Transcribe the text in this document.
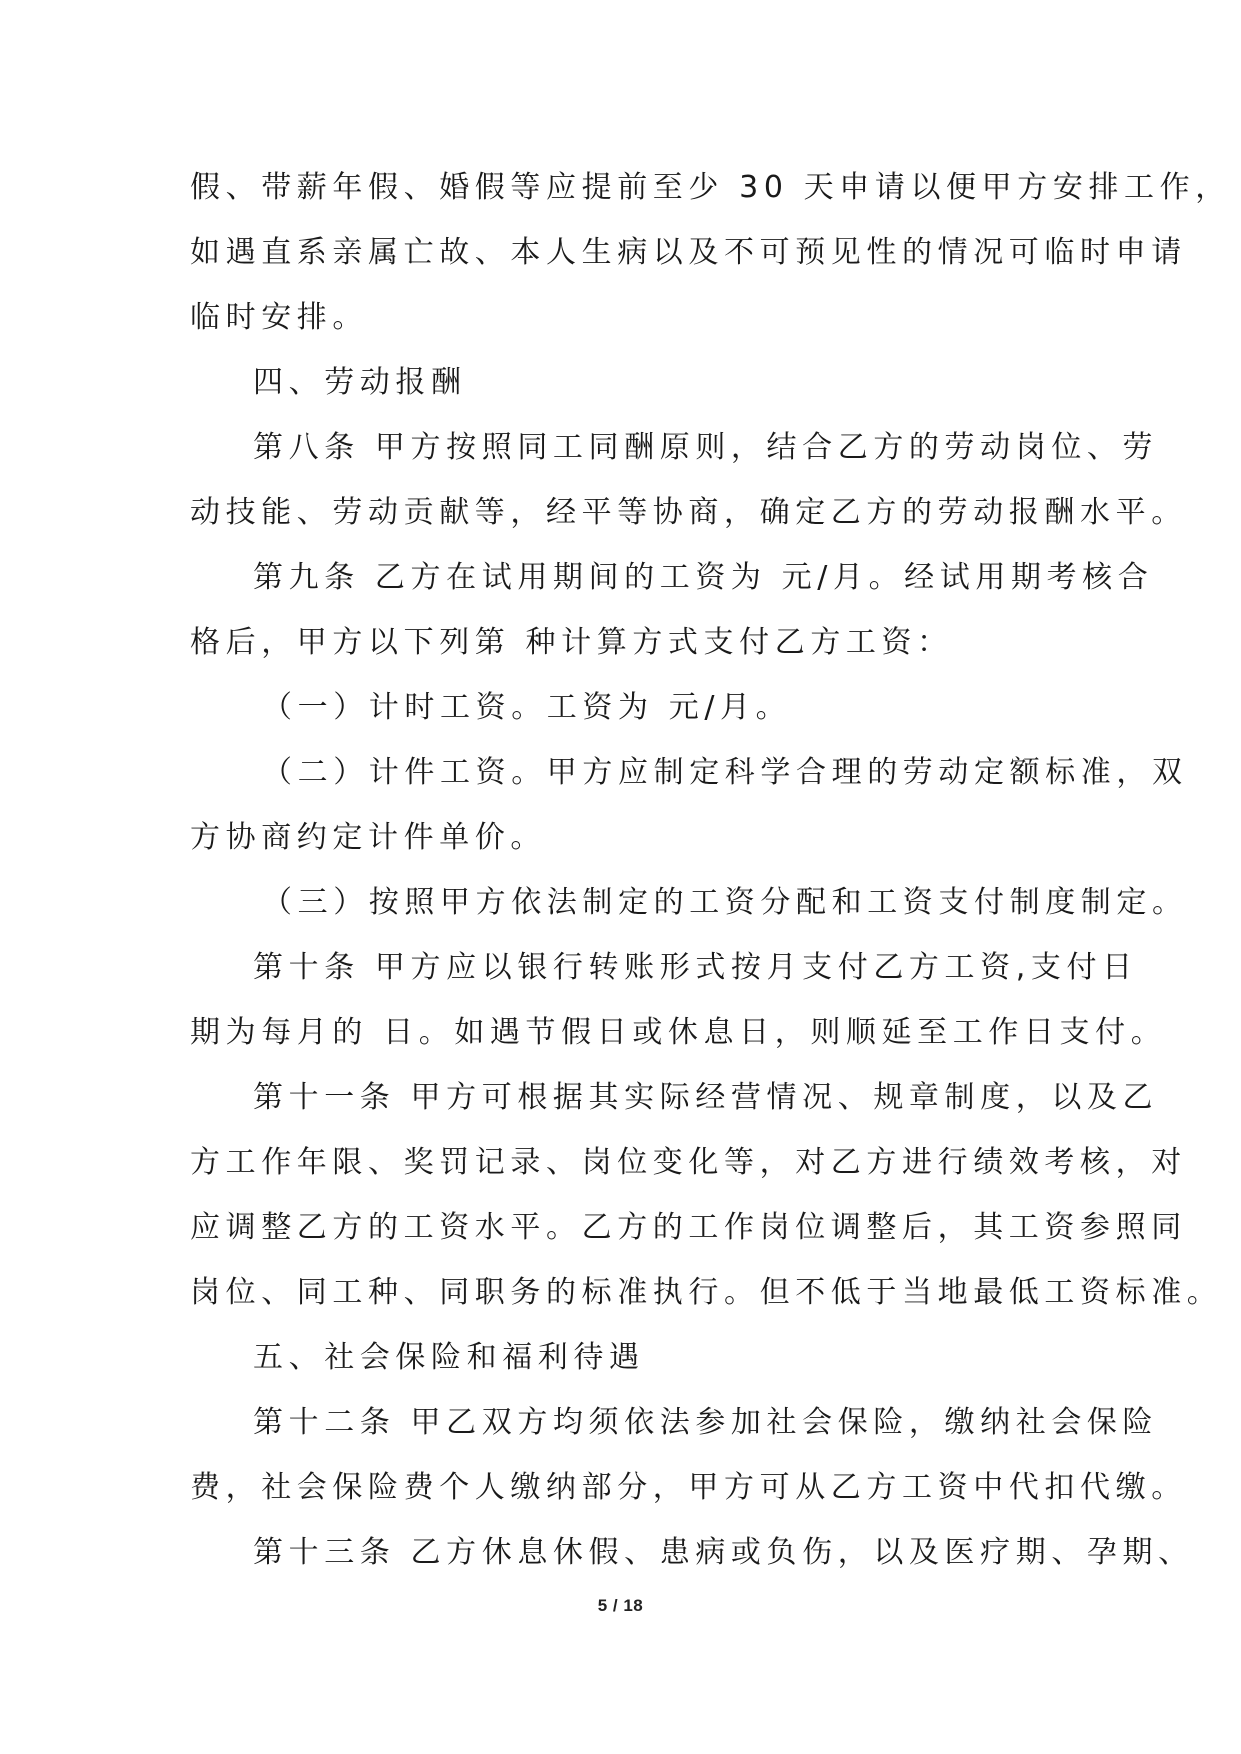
假、带薪年假、婚假等应提前至少 30 天申请以便甲方安排工作，
如遇直系亲属亡故、本人生病以及不可预见性的情况可临时申请
临时安排。
四、劳动报酬
第八条 甲方按照同工同酬原则，结合乙方的劳动岗位、劳
动技能、劳动贡献等，经平等协商，确定乙方的劳动报酬水平。
第九条 乙方在试用期间的工资为 元/月。经试用期考核合
格后，甲方以下列第 种计算方式支付乙方工资：
（一）计时工资。工资为 元/月。
（二）计件工资。甲方应制定科学合理的劳动定额标准，双
方协商约定计件单价。
（三）按照甲方依法制定的工资分配和工资支付制度制定。
第十条 甲方应以银行转账形式按月支付乙方工资,支付日
期为每月的 日。如遇节假日或休息日，则顺延至工作日支付。
第十一条 甲方可根据其实际经营情况、规章制度，以及乙
方工作年限、奖罚记录、岗位变化等，对乙方进行绩效考核，对
应调整乙方的工资水平。乙方的工作岗位调整后，其工资参照同
岗位、同工种、同职务的标准执行。但不低于当地最低工资标准。
五、社会保险和福利待遇
第十二条 甲乙双方均须依法参加社会保险，缴纳社会保险
费，社会保险费个人缴纳部分，甲方可从乙方工资中代扣代缴。
第十三条 乙方休息休假、患病或负伤，以及医疗期、孕期、
5 / 18
